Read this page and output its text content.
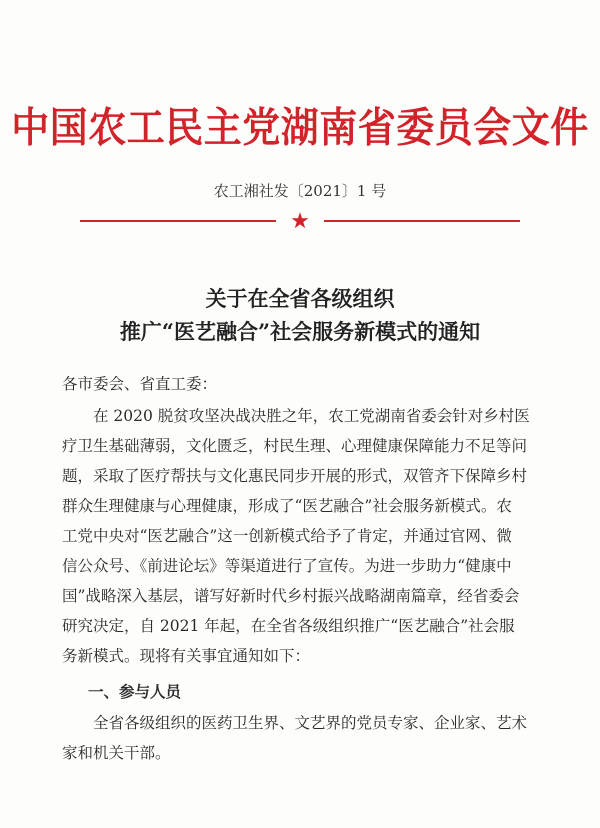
中国农工民主党湖南省委员会文件
农工湘社发〔2021〕1 号
★
关于在全省各级组织
推广“医艺融合”社会服务新模式的通知
各市委会、省直工委：
在 2020 脱贫攻坚决战决胜之年，农工党湖南省委会针对乡村医
疗卫生基础薄弱，文化匮乏，村民生理、心理健康保障能力不足等问
题，采取了医疗帮扶与文化惠民同步开展的形式，双管齐下保障乡村
群众生理健康与心理健康，形成了“医艺融合”社会服务新模式。农
工党中央对“医艺融合”这一创新模式给予了肯定，并通过官网、微
信公众号、《前进论坛》等渠道进行了宣传。为进一步助力“健康中
国”战略深入基层，谱写好新时代乡村振兴战略湖南篇章，经省委会
研究决定，自 2021 年起，在全省各级组织推广“医艺融合”社会服
务新模式。现将有关事宜通知如下：
一、参与人员
全省各级组织的医药卫生界、文艺界的党员专家、企业家、艺术
家和机关干部。
